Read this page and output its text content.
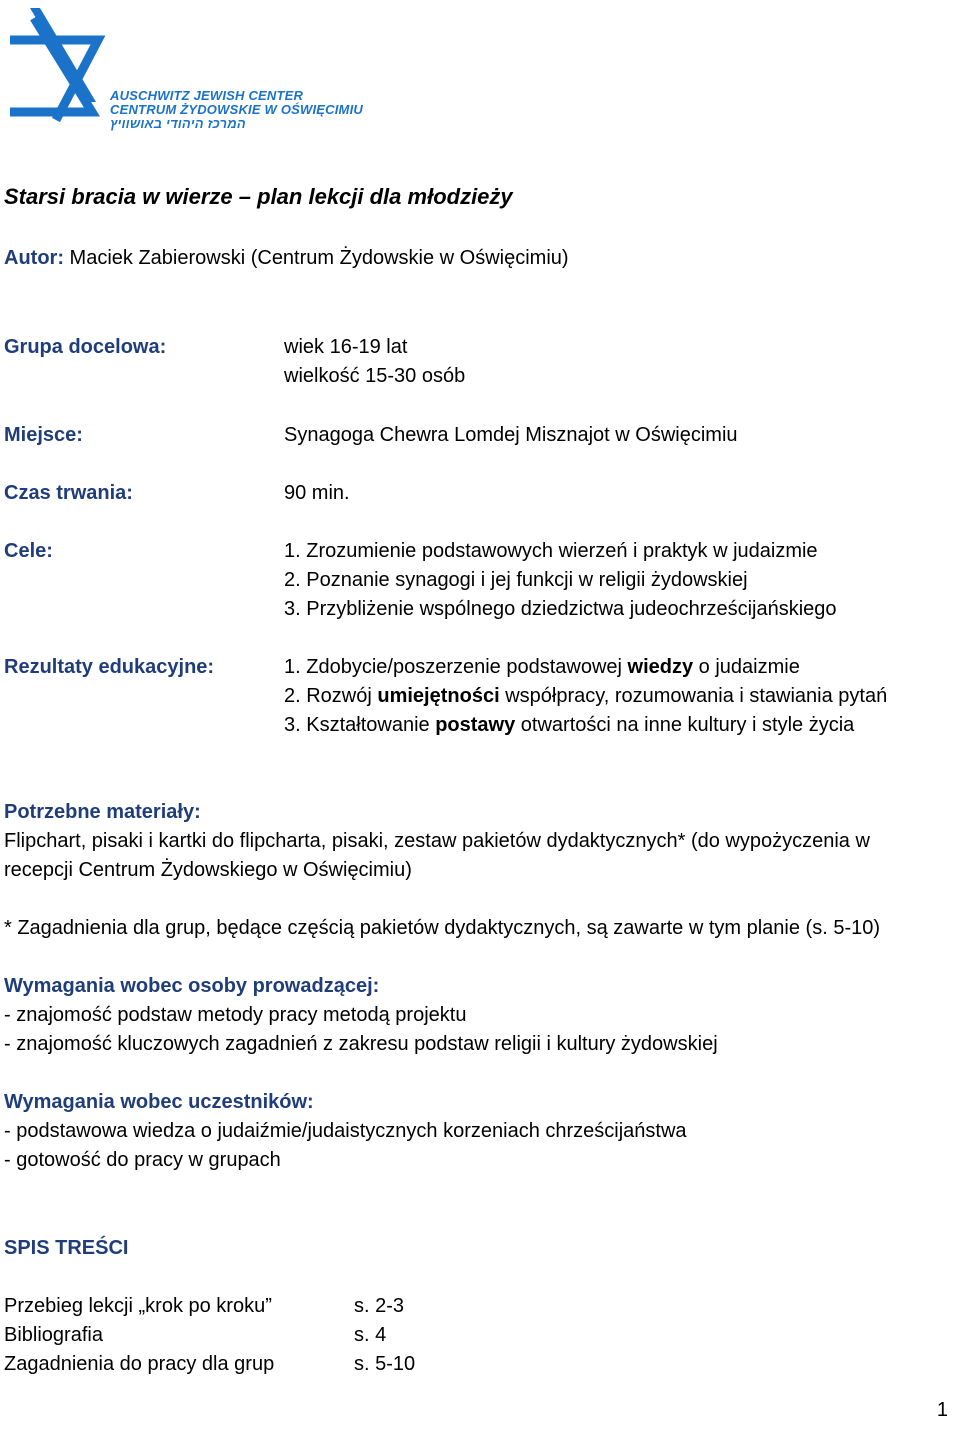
AUSCHWITZ JEWISH CENTER
CENTRUM ŻYDOWSKIE W OŚWIĘCIMIU
המרכז היהודי באושוויץ
Starsi bracia w wierze – plan lekcji dla młodzieży
Autor: Maciek Zabierowski (Centrum Żydowskie w Oświęcimiu)
Grupa docelowa:	wiek 16-19 lat
wielkość 15-30 osób
Miejsce:	Synagoga Chewra Lomdej Misznajot w Oświęcimiu
Czas trwania:	90 min.
Cele:	1. Zrozumienie podstawowych wierzeń i praktyk w judaizmie
2. Poznanie synagogi i jej funkcji w religii żydowskiej
3. Przybliżenie wspólnego dziedzictwa judeochrześcijańskiego
Rezultaty edukacyjne:	1. Zdobycie/poszerzenie podstawowej wiedzy o judaizmie
2. Rozwój umiejętności współpracy, rozumowania i stawiania pytań
3. Kształtowanie postawy otwartości na inne kultury i style życia
Potrzebne materiały:
Flipchart, pisaki i kartki do flipcharta, pisaki, zestaw pakietów dydaktycznych* (do wypożyczenia w
recepcji Centrum Żydowskiego w Oświęcimiu)
* Zagadnienia dla grup, będące częścią pakietów dydaktycznych, są zawarte w tym planie (s. 5-10)
Wymagania wobec osoby prowadzącej:
- znajomość podstaw metody pracy metodą projektu
- znajomość kluczowych zagadnień z zakresu podstaw religii i kultury żydowskiej
Wymagania wobec uczestników:
- podstawowa wiedza o judaiźmie/judaistycznych korzeniach chrześcijaństwa
- gotowość do pracy w grupach
SPIS TREŚCI
Przebieg lekcji „krok po kroku”	s. 2-3
Bibliografia	s. 4
Zagadnienia do pracy dla grup	s. 5-10
1
